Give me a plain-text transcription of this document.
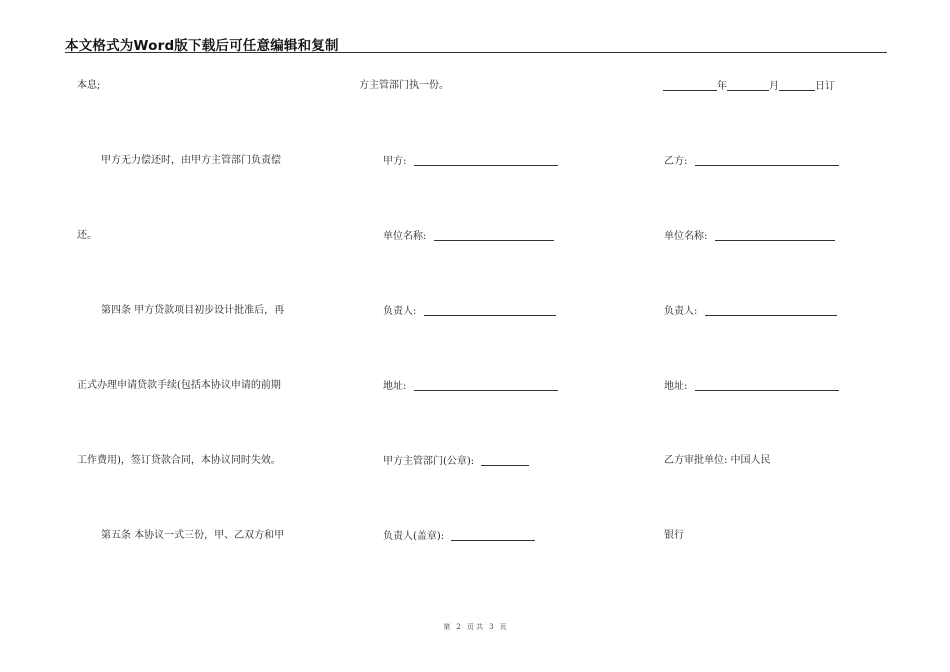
本文格式为Word版下载后可任意编辑和复制
本息;
甲方无力偿还时，由甲方主管部门负责偿
还。
第四条 甲方贷款项目初步设计批准后，再
正式办理申请贷款手续(包括本协议申请的前期
工作费用)，签订贷款合同，本协议同时失效。
第五条 本协议一式三份，甲、乙双方和甲
方主管部门执一份。
甲方:
单位名称:
负责人:
地址:
甲方主管部门(公章):
负责人(盖章):
年	月	日订
乙方:
单位名称:
负责人:
地址:
乙方审批单位: 中国人民
银行
第 2 页 共 3 页
